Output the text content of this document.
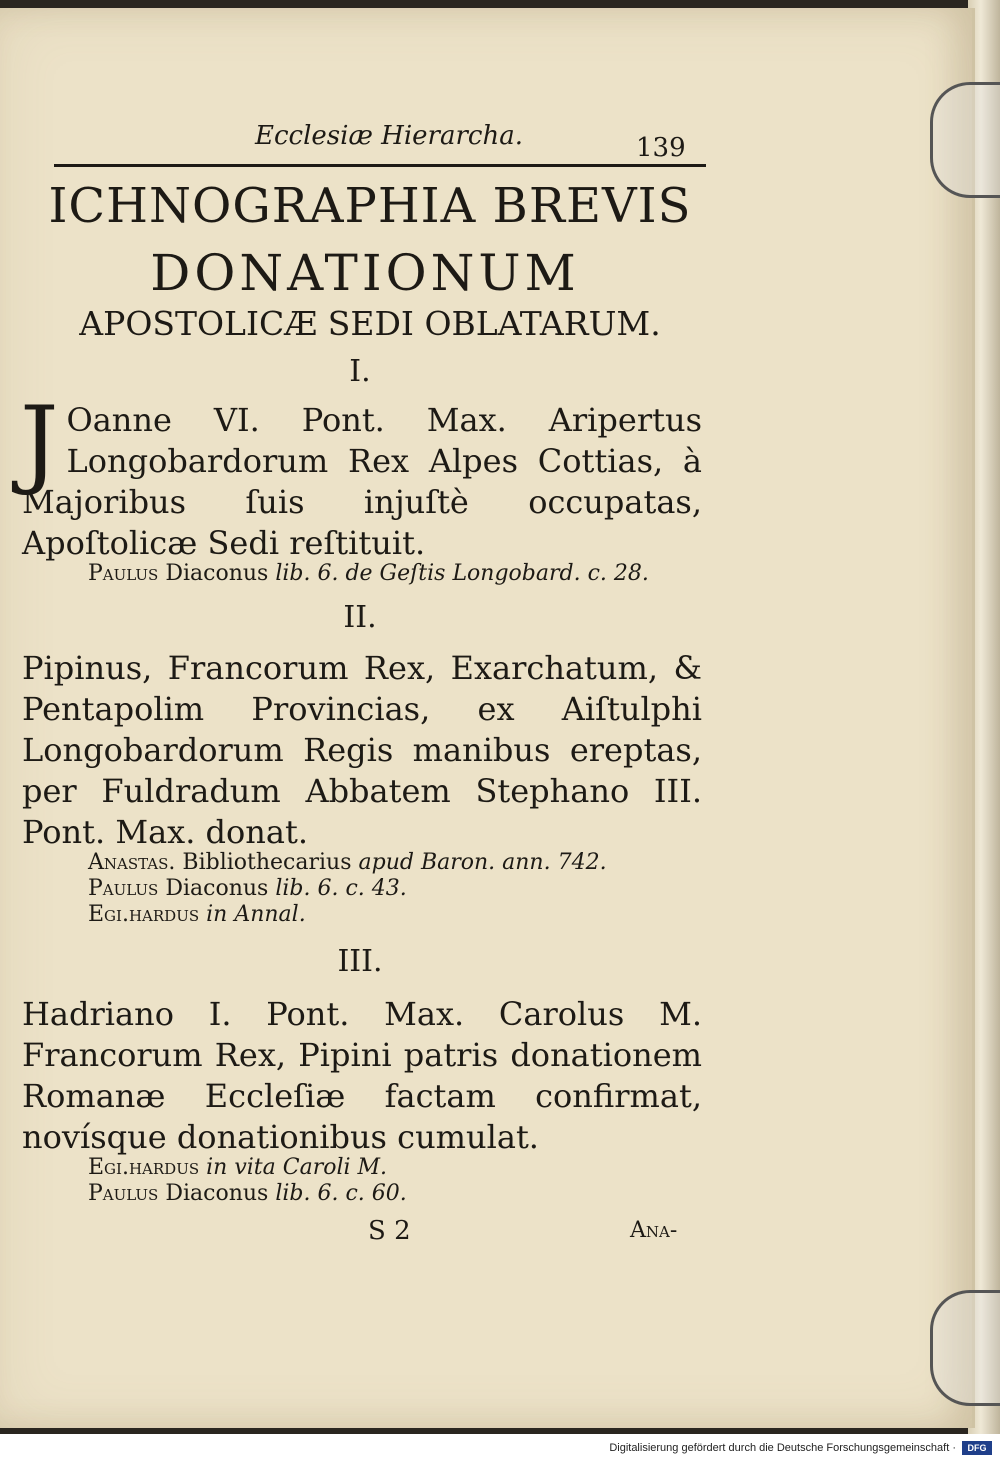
Ecclesiæ Hierarcha.	139
ICHNOGRAPHIA BREVIS
DONATIONUM
APOSTOLICÆ SEDI OBLATARUM.
I.
J Oanne VI. Pont. Max. Aripertus Longobardorum Rex Alpes Cottias, à Majoribus ſuis injuſtè occupatas, Apoſtolicæ Sedi reſtituit.
Paulus Diaconus lib. 6. de Geſtis Longobard. c. 28.
II.
Pipinus, Francorum Rex, Exarchatum, & Pentapolim Provincias, ex Aiſtulphi Longobardorum Regis manibus ereptas, per Fuldradum Abbatem Stephano III. Pont. Max. donat.
Anastas. Bibliothecarius apud Baron. ann. 742.
Paulus Diaconus lib. 6. c. 43.
Egi.hardus in Annal.
III.
Hadriano I. Pont. Max. Carolus M. Francorum Rex, Pipini patris donationem Romanæ Eccleſiæ factam confirmat, novísque donationibus cumulat.
Egi.hardus in vita Caroli M.
Paulus Diaconus lib. 6. c. 60.
S 2	Ana-
Digitalisierung gefördert durch die Deutsche Forschungsgemeinschaft ·	DFG
